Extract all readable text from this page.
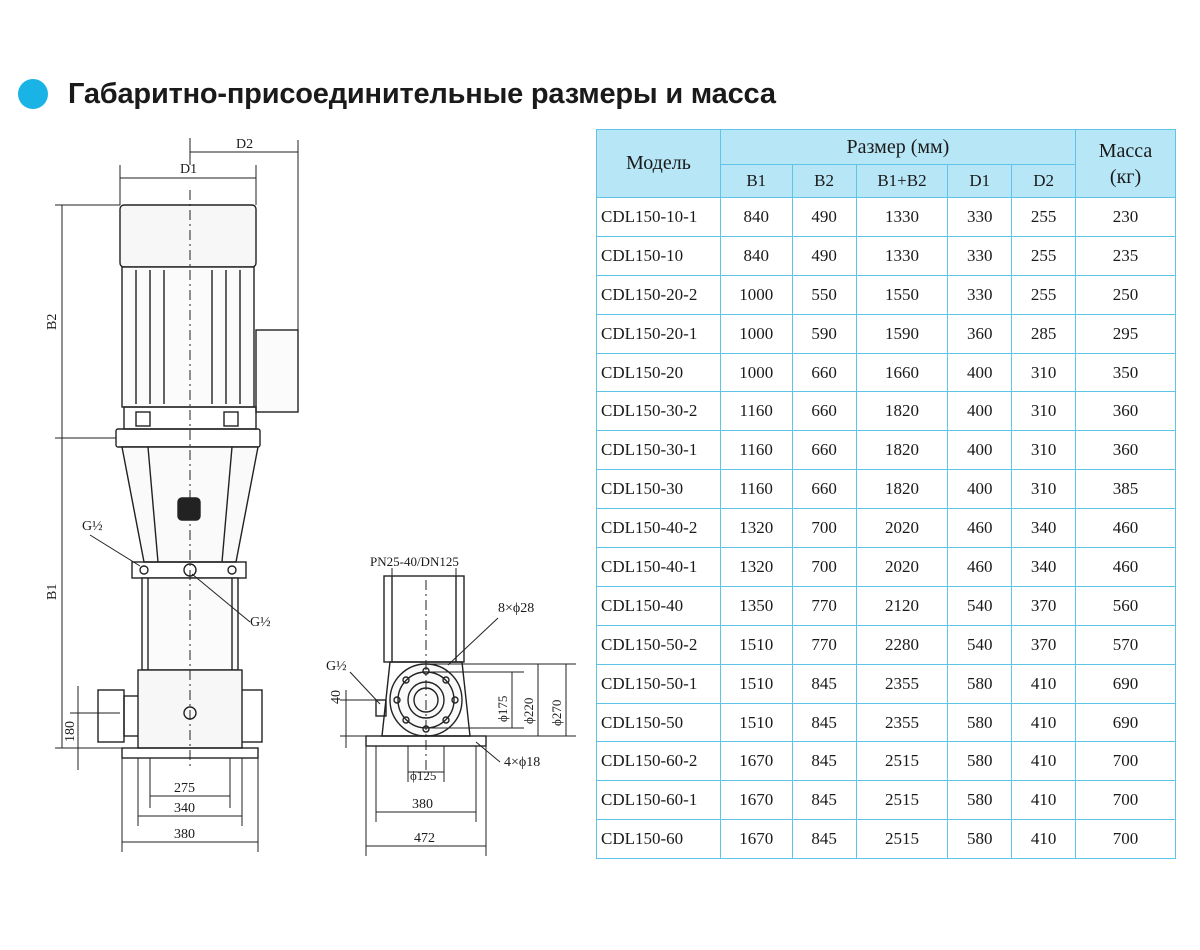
Габаритно-присоединительные размеры и масса
D2
D1
B2
B1
G½
G½
180
275
340
380
PN25-40/DN125
8×ϕ28
G½
ϕ175 ϕ220 ϕ270
40
ϕ125
4×ϕ18
380
472
Модель	Размер (мм)					Масса
(кг)
	B1	B2	B1+B2	D1	D2	
CDL150-10-1	840	490	1330	330	255	230
CDL150-10	840	490	1330	330	255	235
CDL150-20-2	1000	550	1550	330	255	250
CDL150-20-1	1000	590	1590	360	285	295
CDL150-20	1000	660	1660	400	310	350
CDL150-30-2	1160	660	1820	400	310	360
CDL150-30-1	1160	660	1820	400	310	360
CDL150-30	1160	660	1820	400	310	385
CDL150-40-2	1320	700	2020	460	340	460
CDL150-40-1	1320	700	2020	460	340	460
CDL150-40	1350	770	2120	540	370	560
CDL150-50-2	1510	770	2280	540	370	570
CDL150-50-1	1510	845	2355	580	410	690
CDL150-50	1510	845	2355	580	410	690
CDL150-60-2	1670	845	2515	580	410	700
CDL150-60-1	1670	845	2515	580	410	700
CDL150-60	1670	845	2515	580	410	700
